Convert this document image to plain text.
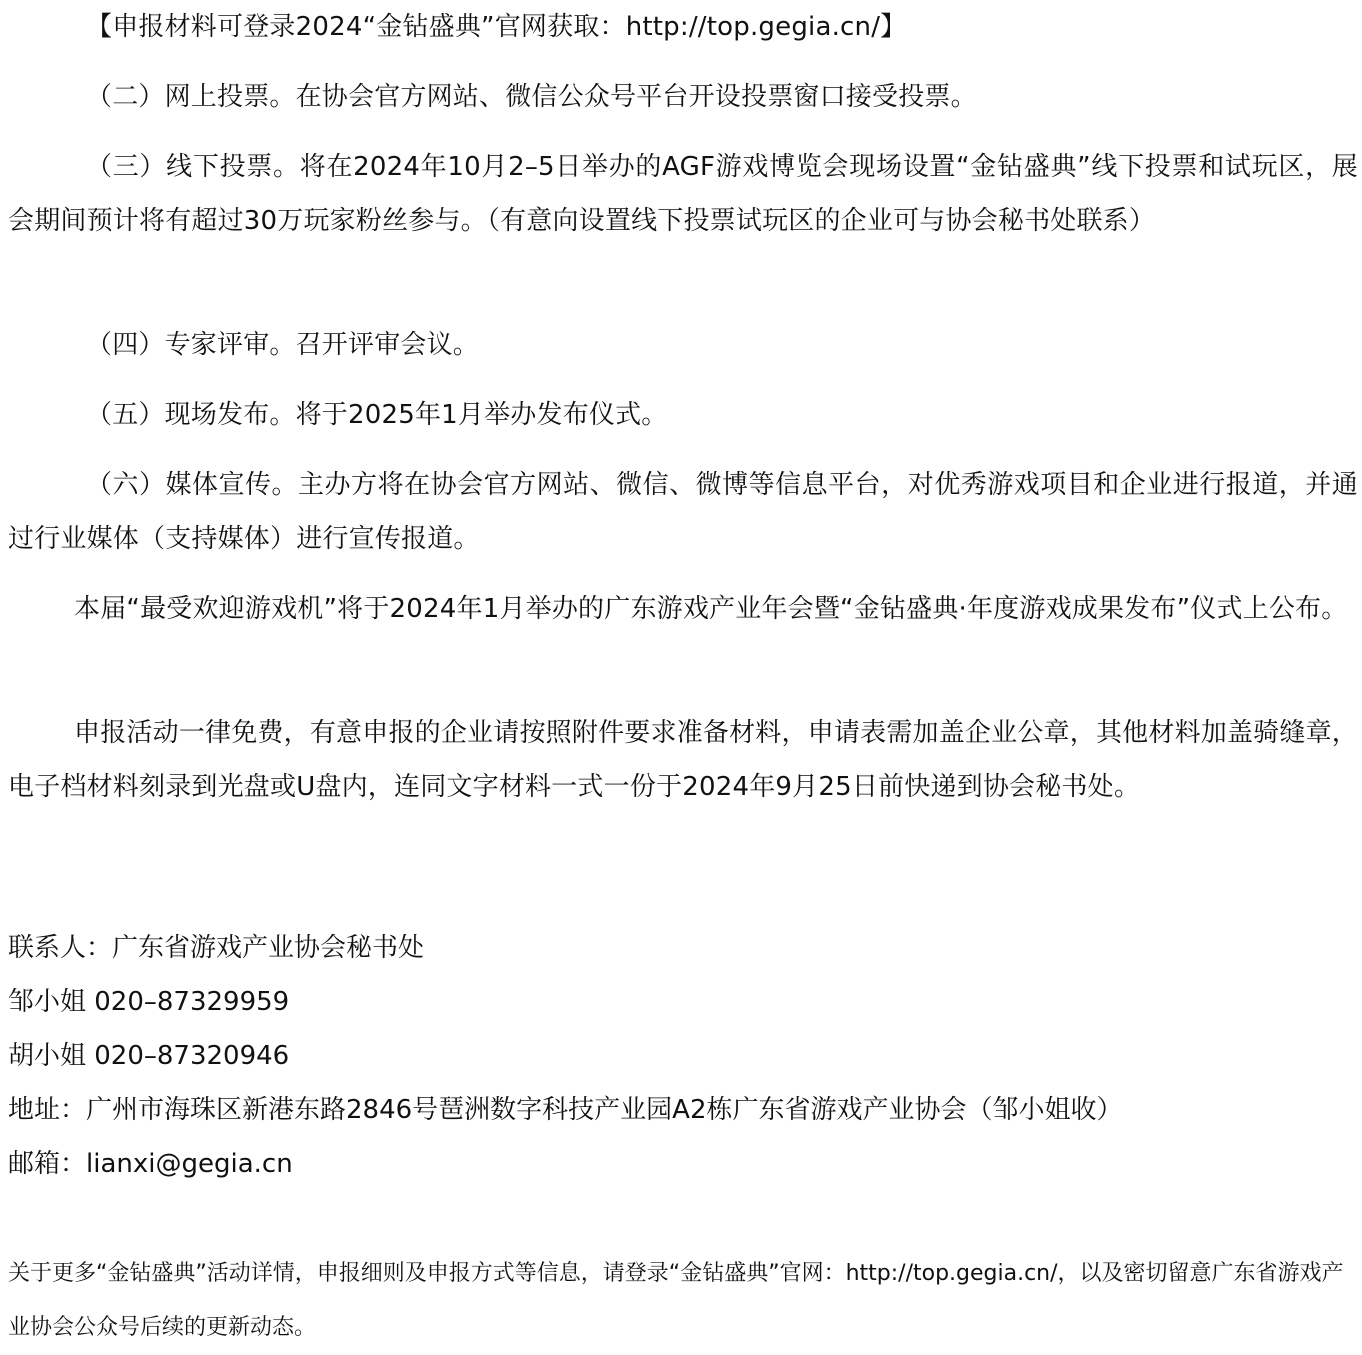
【申报材料可登录2024“金钻盛典”官网获取：http://top.gegia.cn/】

（二）网上投票。在协会官方网站、微信公众号平台开设投票窗口接受投票。

（三）线下投票。将在2024年10月2–5日举办的AGF游戏博览会现场设置“金钻盛典”线下投票和试玩区，展会期间预计将有超过30万玩家粉丝参与。（有意向设置线下投票试玩区的企业可与协会秘书处联系）

（四）专家评审。召开评审会议。

（五）现场发布。将于2025年1月举办发布仪式。

（六）媒体宣传。主办方将在协会官方网站、微信、微博等信息平台，对优秀游戏项目和企业进行报道，并通过行业媒体（支持媒体）进行宣传报道。

本届“最受欢迎游戏机”将于2024年1月举办的广东游戏产业年会暨“金钻盛典·年度游戏成果发布”仪式上公布。

申报活动一律免费，有意申报的企业请按照附件要求准备材料，申请表需加盖企业公章，其他材料加盖骑缝章，电子档材料刻录到光盘或U盘内，连同文字材料一式一份于2024年9月25日前快递到协会秘书处。

联系人：广东省游戏产业协会秘书处

邹小姐 020–87329959

胡小姐 020–87320946

地址：广州市海珠区新港东路2846号琶洲数字科技产业园A2栋广东省游戏产业协会（邹小姐收）

邮箱：lianxi@gegia.cn

关于更多“金钻盛典”活动详情，申报细则及申报方式等信息，请登录“金钻盛典”官网：http://top.gegia.cn/，以及密切留意广东省游戏产业协会公众号后续的更新动态。
